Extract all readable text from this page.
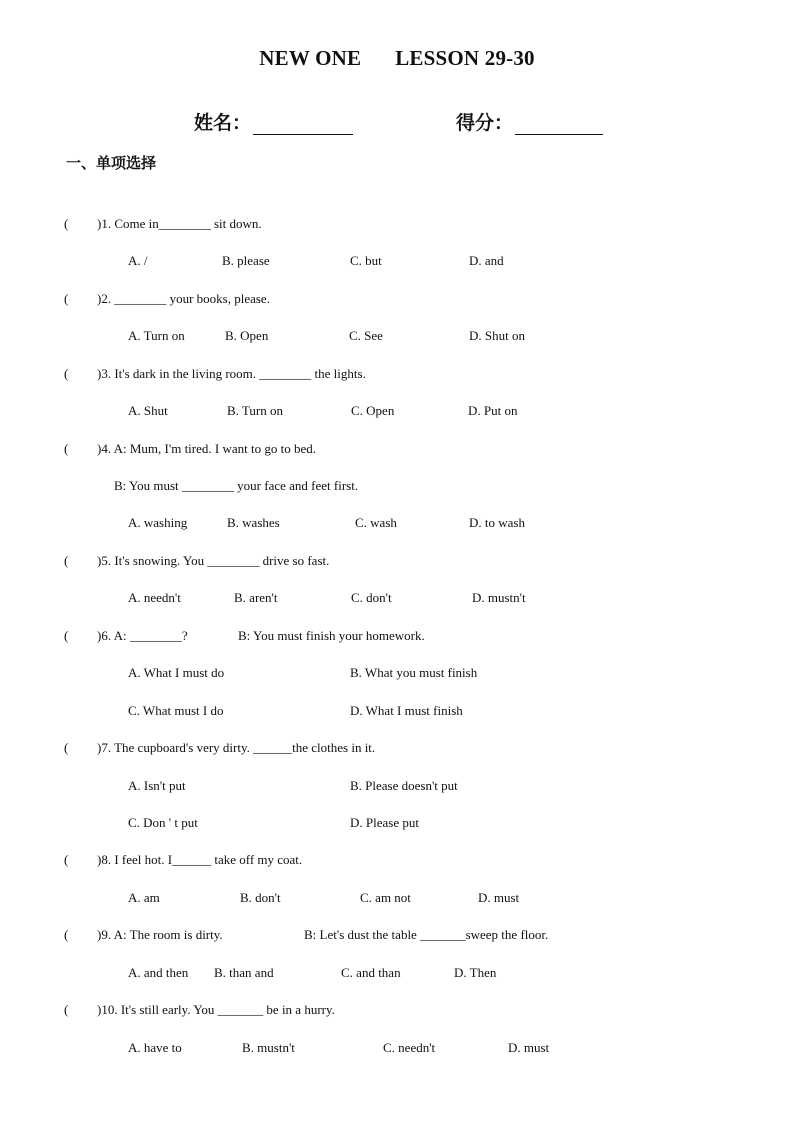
NEW ONE LESSON 29-30
姓名：	得分：
一、单项选择
( )1. Come in________ sit down.
A. /	B. please	C. but	D. and
( )2. ________ your books, please.
A. Turn on	B. Open	C. See	D. Shut on
( )3. It's dark in the living room. ________ the lights.
A. Shut	B. Turn on	C. Open	D. Put on
( )4. A: Mum, I'm tired. I want to go to bed.
B: You must ________ your face and feet first.
A. washing	B. washes	C. wash	D. to wash
( )5. It's snowing. You ________ drive so fast.
A. needn't	B. aren't	C. don't	D. mustn't
( )6. A: ________?	B: You must finish your homework.
A. What I must do	B. What you must finish
C. What must I do	D. What I must finish
( )7. The cupboard's very dirty. ______the clothes in it.
A. Isn't put	B. Please doesn't put
C. Don ' t put	D. Please put
( )8. I feel hot. I______ take off my coat.
A. am	B. don't	C. am not	D. must
( )9. A: The room is dirty.	B: Let's dust the table _______sweep the floor.
A. and then B. than and	C. and than	D. Then
( )10. It's still early. You _______ be in a hurry.
A. have to	B. mustn't	C. needn't	D. must
